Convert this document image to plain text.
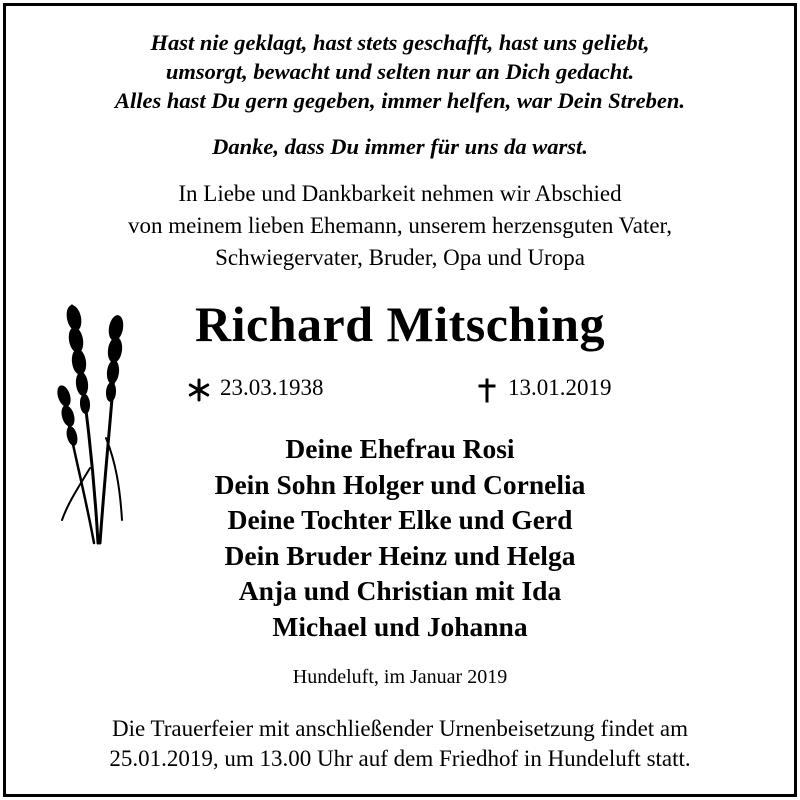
Hast nie geklagt, hast stets geschafft, hast uns geliebt,
umsorgt, bewacht und selten nur an Dich gedacht.
Alles hast Du gern gegeben, immer helfen, war Dein Streben.

Danke, dass Du immer für uns da warst.

In Liebe und Dankbarkeit nehmen wir Abschied
von meinem lieben Ehemann, unserem herzensguten Vater,
Schwiegervater, Bruder, Opa und Uropa

Richard Mitsching
23.03.1938	13.01.2019
Deine Ehefrau Rosi
Dein Sohn Holger und Cornelia
Deine Tochter Elke und Gerd
Dein Bruder Heinz und Helga
Anja und Christian mit Ida
Michael und Johanna

Hundeluft, im Januar 2019

Die Trauerfeier mit anschließender Urnenbeisetzung findet am
25.01.2019, um 13.00 Uhr auf dem Friedhof in Hundeluft statt.
